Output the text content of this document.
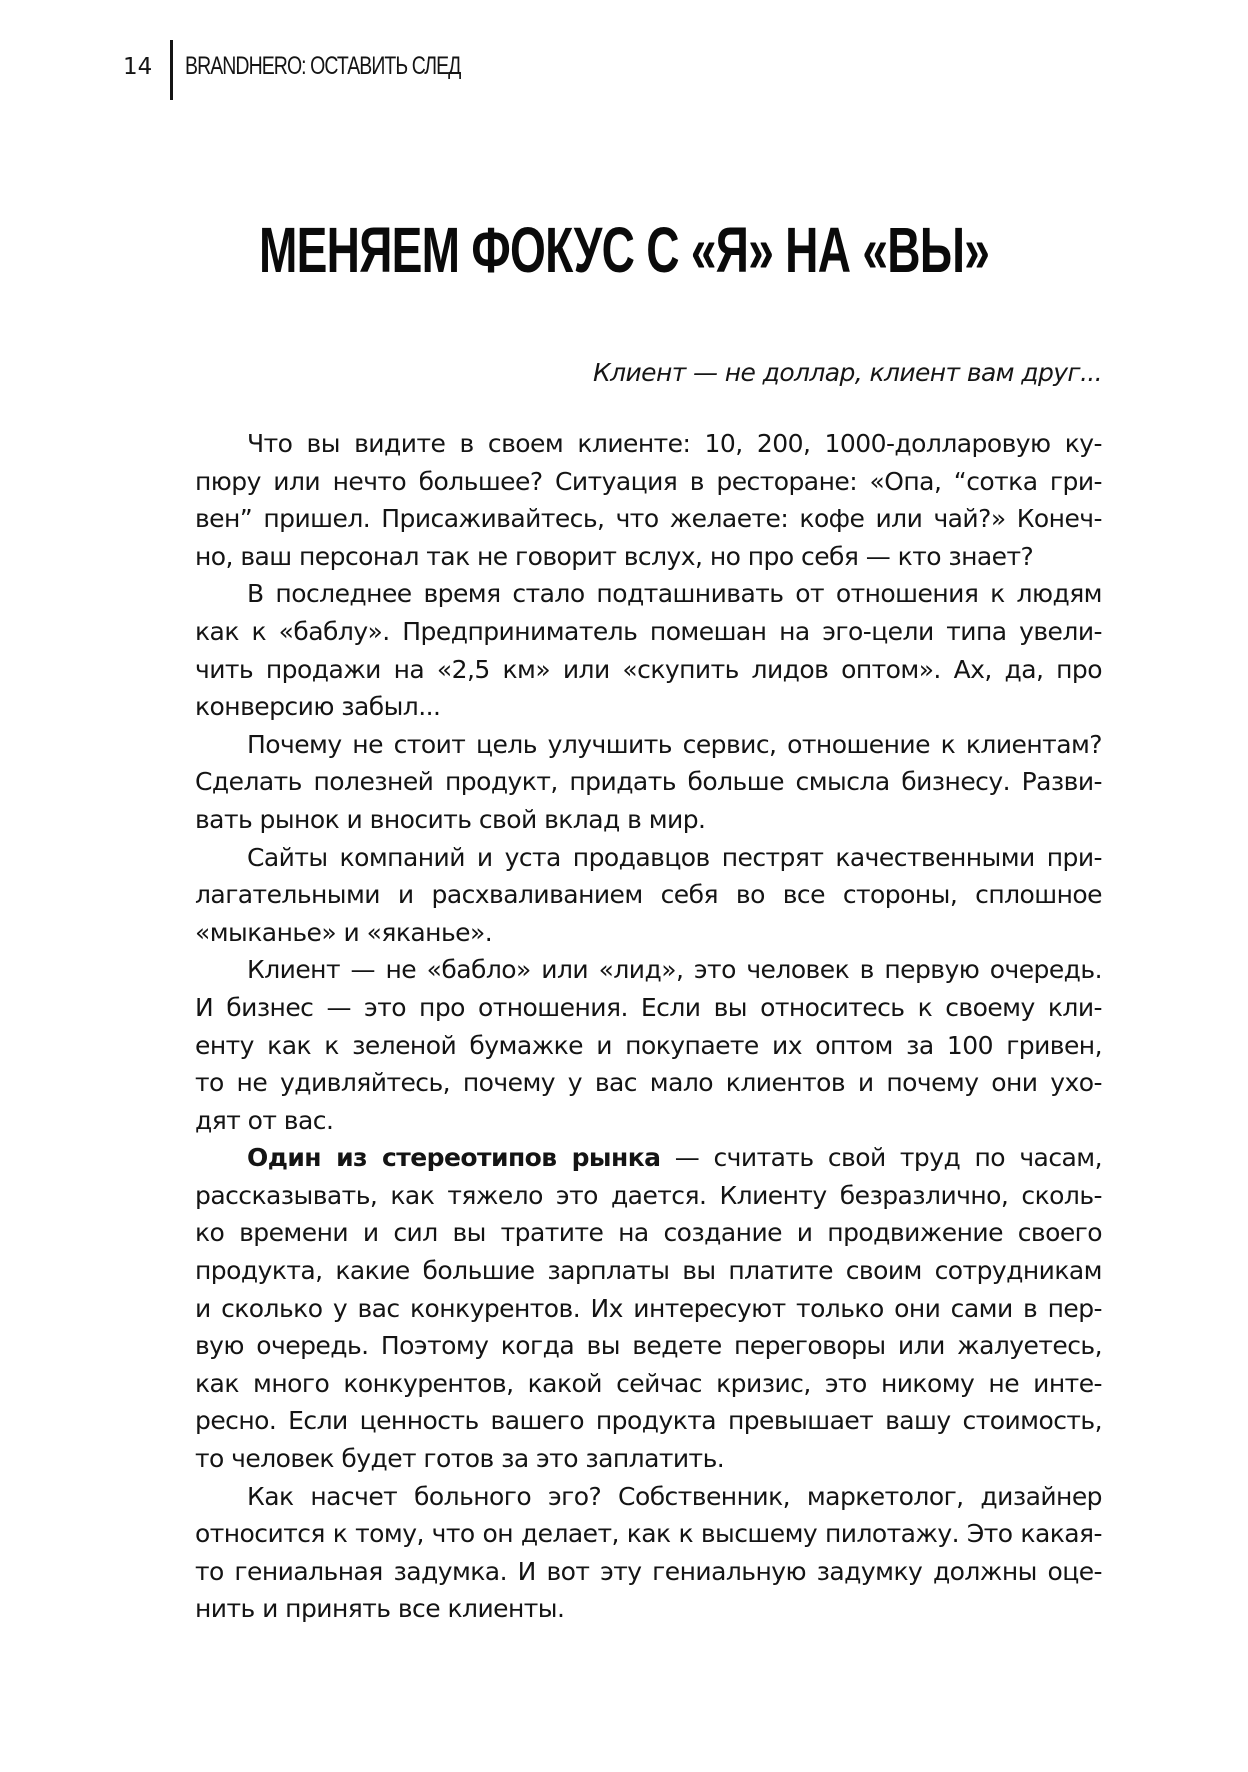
14 BRANDHERO: ОСТАВИТЬ СЛЕД
МЕНЯЕМ ФОКУС С «Я» НА «ВЫ»
Клиент — не доллар, клиент вам друг...
Что вы видите в своем клиенте: 10, 200, 1000-долларовую ку-
пюру или нечто большее? Ситуация в ресторане: «Опа, “сотка гри-
вен” пришел. Присаживайтесь, что желаете: кофе или чай?» Конеч-
но, ваш персонал так не говорит вслух, но про себя — кто знает?
В последнее время стало подташнивать от отношения к людям
как к «баблу». Предприниматель помешан на эго-цели типа увели-
чить продажи на «2,5 км» или «скупить лидов оптом». Ах, да, про
конверсию забыл...
Почему не стоит цель улучшить сервис, отношение к клиентам?
Сделать полезней продукт, придать больше смысла бизнесу. Разви-
вать рынок и вносить свой вклад в мир.
Сайты компаний и уста продавцов пестрят качественными при-
лагательными и расхваливанием себя во все стороны, сплошное
«мыканье» и «яканье».
Клиент — не «бабло» или «лид», это человек в первую очередь.
И бизнес — это про отношения. Если вы относитесь к своему кли-
енту как к зеленой бумажке и покупаете их оптом за 100 гривен,
то не удивляйтесь, почему у вас мало клиентов и почему они ухо-
дят от вас.
Один из стереотипов рынка — считать свой труд по часам,
рассказывать, как тяжело это дается. Клиенту безразлично, сколь-
ко времени и сил вы тратите на создание и продвижение своего
продукта, какие большие зарплаты вы платите своим сотрудникам
и сколько у вас конкурентов. Их интересуют только они сами в пер-
вую очередь. Поэтому когда вы ведете переговоры или жалуетесь,
как много конкурентов, какой сейчас кризис, это никому не инте-
ресно. Если ценность вашего продукта превышает вашу стоимость,
то человек будет готов за это заплатить.
Как насчет больного эго? Собственник, маркетолог, дизайнер
относится к тому, что он делает, как к высшему пилотажу. Это какая-
то гениальная задумка. И вот эту гениальную задумку должны оце-
нить и принять все клиенты.
